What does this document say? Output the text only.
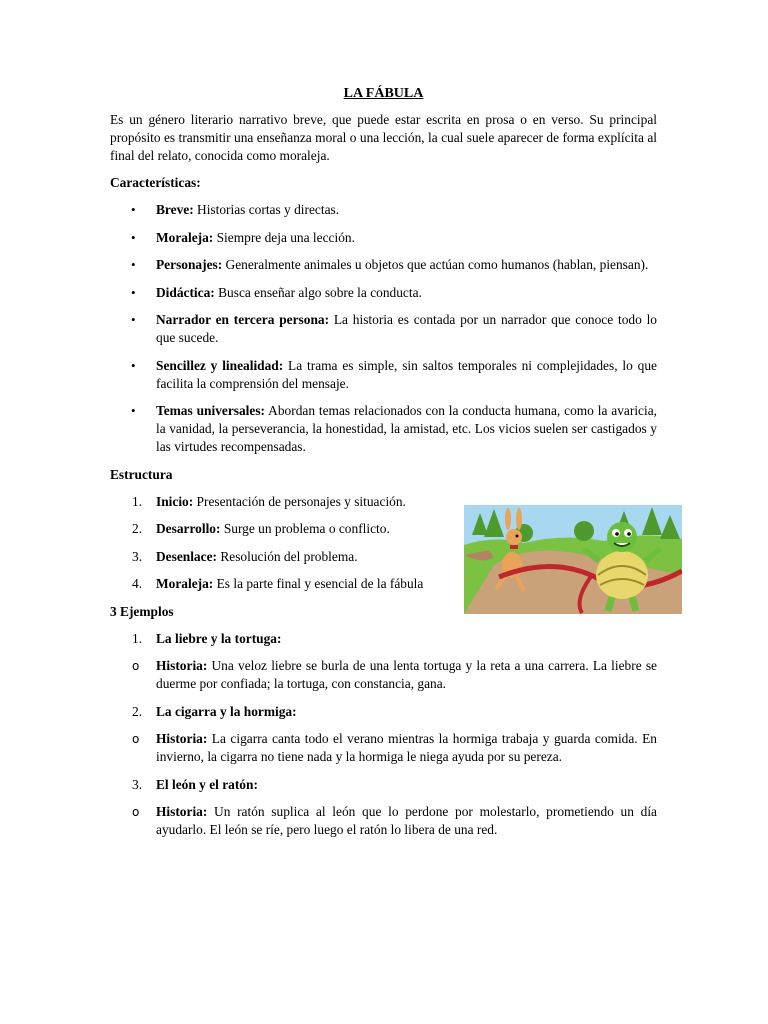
LA FÁBULA
Es un género literario narrativo breve, que puede estar escrita en prosa o en verso. Su principal propósito es transmitir una enseñanza moral o una lección, la cual suele aparecer de forma explícita al final del relato, conocida como moraleja.
Características:
• Breve: Historias cortas y directas.
• Moraleja: Siempre deja una lección.
• Personajes: Generalmente animales u objetos que actúan como humanos (hablan, piensan).
• Didáctica: Busca enseñar algo sobre la conducta.
• Narrador en tercera persona: La historia es contada por un narrador que conoce todo lo que sucede.
• Sencillez y linealidad: La trama es simple, sin saltos temporales ni complejidades, lo que facilita la comprensión del mensaje.
• Temas universales: Abordan temas relacionados con la conducta humana, como la avaricia, la vanidad, la perseverancia, la honestidad, la amistad, etc. Los vicios suelen ser castigados y las virtudes recompensadas.
Estructura
1. Inicio: Presentación de personajes y situación.
2. Desarrollo: Surge un problema o conflicto.
3. Desenlace: Resolución del problema.
4. Moraleja: Es la parte final y esencial de la fábula
3 Ejemplos
1. La liebre y la tortuga:
o Historia: Una veloz liebre se burla de una lenta tortuga y la reta a una carrera. La liebre se duerme por confiada; la tortuga, con constancia, gana.
2. La cigarra y la hormiga:
o Historia: La cigarra canta todo el verano mientras la hormiga trabaja y guarda comida. En invierno, la cigarra no tiene nada y la hormiga le niega ayuda por su pereza.
3. El león y el ratón:
o Historia: Un ratón suplica al león que lo perdone por molestarlo, prometiendo un día ayudarlo. El león se ríe, pero luego el ratón lo libera de una red.
